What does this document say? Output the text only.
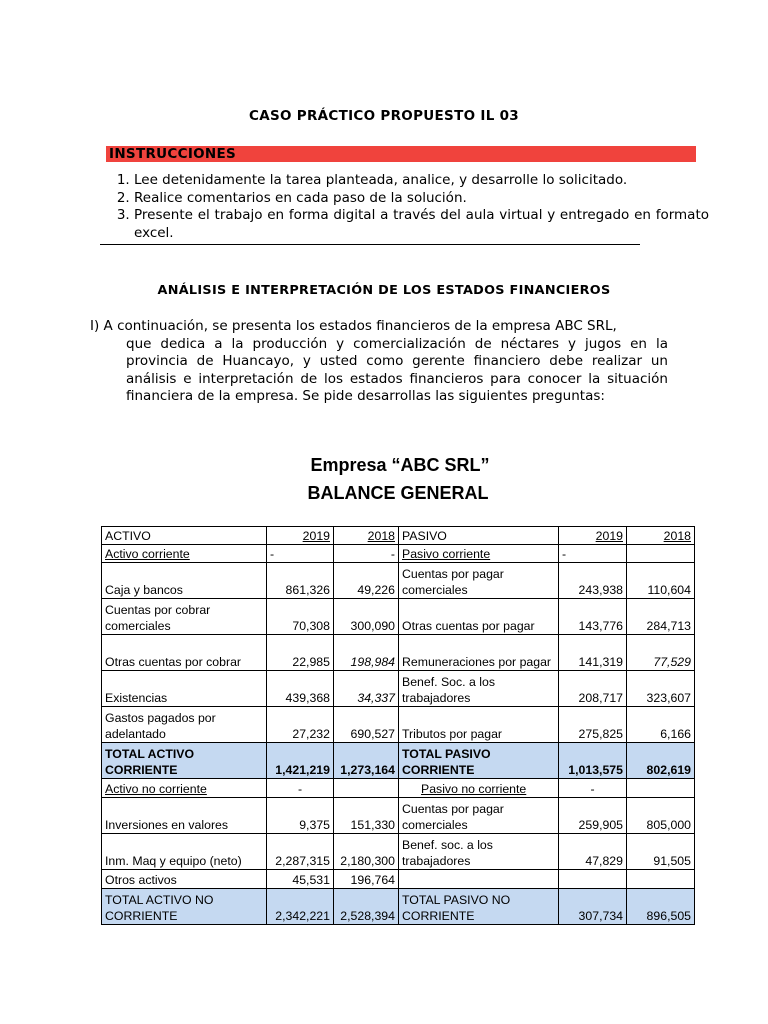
CASO PRÁCTICO PROPUESTO IL 03
INSTRUCCIONES
1. Lee detenidamente la tarea planteada, analice, y desarrolle lo solicitado.
2. Realice comentarios en cada paso de la solución.
3. Presente el trabajo en forma digital a través del aula virtual y entregado en formato excel.
ANÁLISIS E INTERPRETACIÓN DE LOS ESTADOS FINANCIEROS
I) A continuación, se presenta los estados financieros de la empresa ABC SRL,
que dedica a la producción y comercialización de néctares y jugos en la provincia de Huancayo, y usted como gerente financiero debe realizar un análisis e interpretación de los estados financieros para conocer la situación financiera de la empresa. Se pide desarrollas las siguientes preguntas:
Empresa “ABC SRL”
BALANCE GENERAL
ACTIVO	2019	2018	PASIVO	2019	2018
Activo corriente	-	-	Pasivo corriente	-	
Caja y bancos	861,326	49,226	Cuentas por pagar comerciales	243,938	110,604
Cuentas por cobrar comerciales	70,308	300,090	Otras cuentas por pagar	143,776	284,713
Otras cuentas por cobrar	22,985	198,984	Remuneraciones por pagar	141,319	77,529
Existencias	439,368	34,337	Benef. Soc. a los trabajadores	208,717	323,607
Gastos pagados por adelantado	27,232	690,527	Tributos por pagar	275,825	6,166
TOTAL ACTIVO CORRIENTE	1,421,219	1,273,164	TOTAL PASIVO CORRIENTE	1,013,575	802,619
Activo no corriente	-		Pasivo no corriente	-	
Inversiones en valores	9,375	151,330	Cuentas por pagar comerciales	259,905	805,000
Inm. Maq y equipo (neto)	2,287,315	2,180,300	Benef. soc. a los trabajadores	47,829	91,505
Otros activos	45,531	196,764			
TOTAL ACTIVO NO CORRIENTE	2,342,221	2,528,394	TOTAL PASIVO NO CORRIENTE	307,734	896,505
